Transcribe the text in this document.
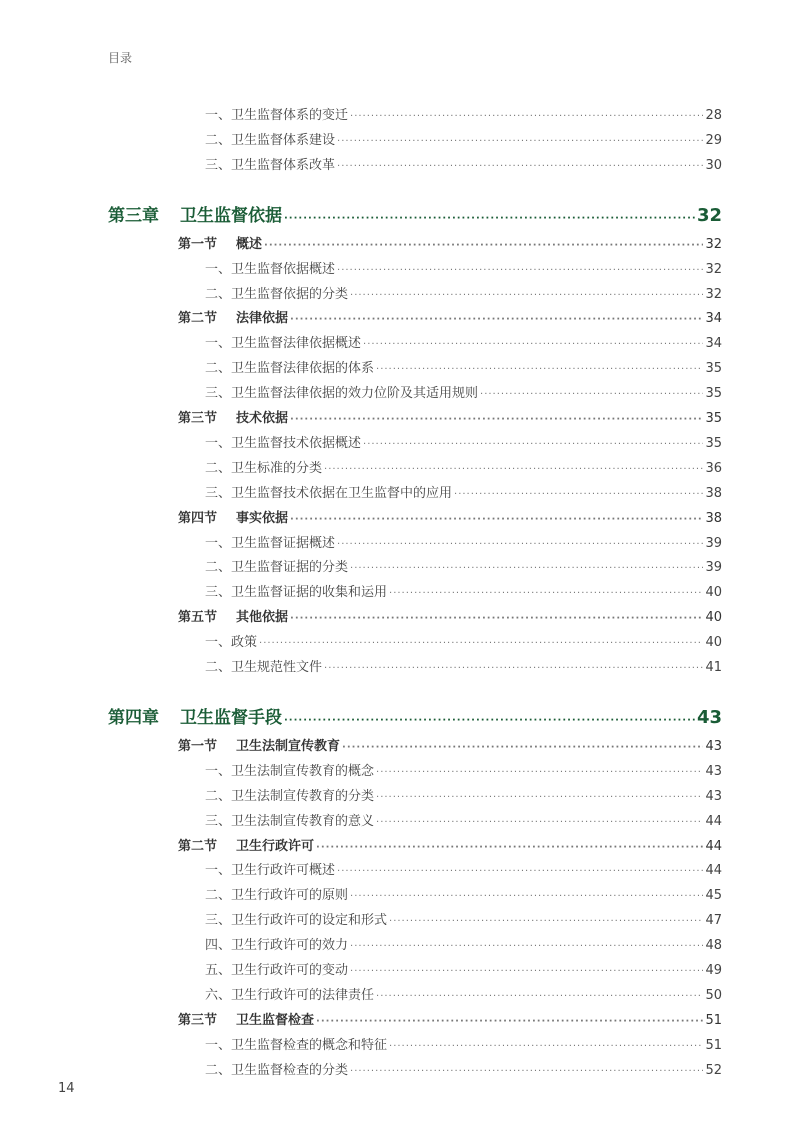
目录
一、卫生监督体系的变迁 ·····	28
二、卫生监督体系建设 ·····	29
三、卫生监督体系改革 ·····	30
第三章 卫生监督依据 ·····	32
第一节 概述 ·····	32
一、卫生监督依据概述 ·····	32
二、卫生监督依据的分类 ·····	32
第二节 法律依据 ·····	34
一、卫生监督法律依据概述 ·····	34
二、卫生监督法律依据的体系 ·····	35
三、卫生监督法律依据的效力位阶及其适用规则 ·····	35
第三节 技术依据 ·····	35
一、卫生监督技术依据概述 ·····	35
二、卫生标准的分类 ·····	36
三、卫生监督技术依据在卫生监督中的应用 ·····	38
第四节 事实依据 ·····	38
一、卫生监督证据概述 ·····	39
二、卫生监督证据的分类 ·····	39
三、卫生监督证据的收集和运用 ·····	40
第五节 其他依据 ·····	40
一、政策 ·····	40
二、卫生规范性文件 ·····	41
第四章 卫生监督手段 ·····	43
第一节 卫生法制宣传教育 ·····	43
一、卫生法制宣传教育的概念 ·····	43
二、卫生法制宣传教育的分类 ·····	43
三、卫生法制宣传教育的意义 ·····	44
第二节 卫生行政许可 ·····	44
一、卫生行政许可概述 ·····	44
二、卫生行政许可的原则 ·····	45
三、卫生行政许可的设定和形式 ·····	47
四、卫生行政许可的效力 ·····	48
五、卫生行政许可的变动 ·····	49
六、卫生行政许可的法律责任 ·····	50
第三节 卫生监督检查 ·····	51
一、卫生监督检查的概念和特征 ·····	51
二、卫生监督检查的分类 ·····	52
14
